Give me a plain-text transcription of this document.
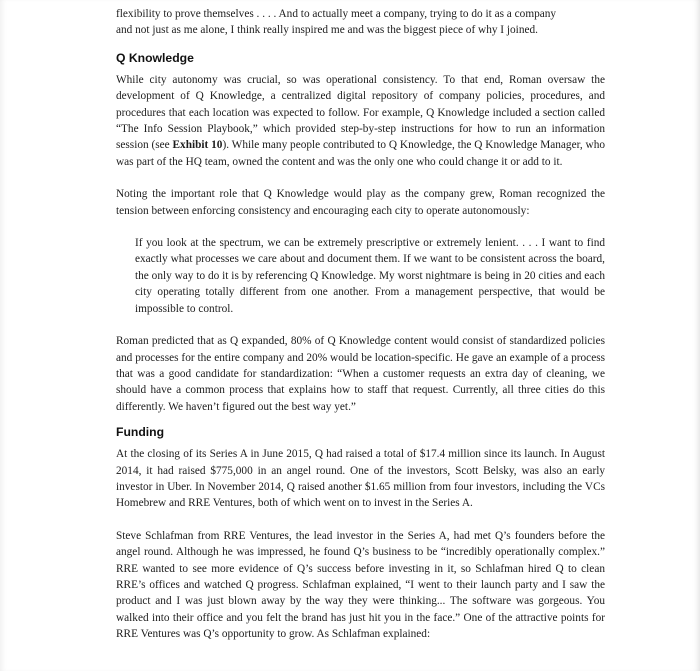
flexibility to prove themselves . . . . And to actually meet a company, trying to do it as a company
and not just as me alone, I think really inspired me and was the biggest piece of why I joined.

Q Knowledge

While city autonomy was crucial, so was operational consistency. To that end, Roman oversaw the development of Q Knowledge, a centralized digital repository of company policies, procedures, and procedures that each location was expected to follow. For example, Q Knowledge included a section called “The Info Session Playbook,” which provided step-by-step instructions for how to run an information session (see Exhibit 10). While many people contributed to Q Knowledge, the Q Knowledge Manager, who was part of the HQ team, owned the content and was the only one who could change it or add to it.

Noting the important role that Q Knowledge would play as the company grew, Roman recognized the tension between enforcing consistency and encouraging each city to operate autonomously:

If you look at the spectrum, we can be extremely prescriptive or extremely lenient. . . . I want to find exactly what processes we care about and document them. If we want to be consistent across the board, the only way to do it is by referencing Q Knowledge. My worst nightmare is being in 20 cities and each city operating totally different from one another. From a management perspective, that would be impossible to control.

Roman predicted that as Q expanded, 80% of Q Knowledge content would consist of standardized policies and processes for the entire company and 20% would be location-specific. He gave an example of a process that was a good candidate for standardization: “When a customer requests an extra day of cleaning, we should have a common process that explains how to staff that request. Currently, all three cities do this differently. We haven’t figured out the best way yet.”

Funding

At the closing of its Series A in June 2015, Q had raised a total of $17.4 million since its launch. In August 2014, it had raised $775,000 in an angel round. One of the investors, Scott Belsky, was also an early investor in Uber. In November 2014, Q raised another $1.65 million from four investors, including the VCs Homebrew and RRE Ventures, both of which went on to invest in the Series A.

Steve Schlafman from RRE Ventures, the lead investor in the Series A, had met Q’s founders before the angel round. Although he was impressed, he found Q’s business to be “incredibly operationally complex.” RRE wanted to see more evidence of Q’s success before investing in it, so Schlafman hired Q to clean RRE’s offices and watched Q progress. Schlafman explained, “I went to their launch party and I saw the product and I was just blown away by the way they were thinking... The software was gorgeous. You walked into their office and you felt the brand has just hit you in the face.” One of the attractive points for RRE Ventures was Q’s opportunity to grow. As Schlafman explained:
